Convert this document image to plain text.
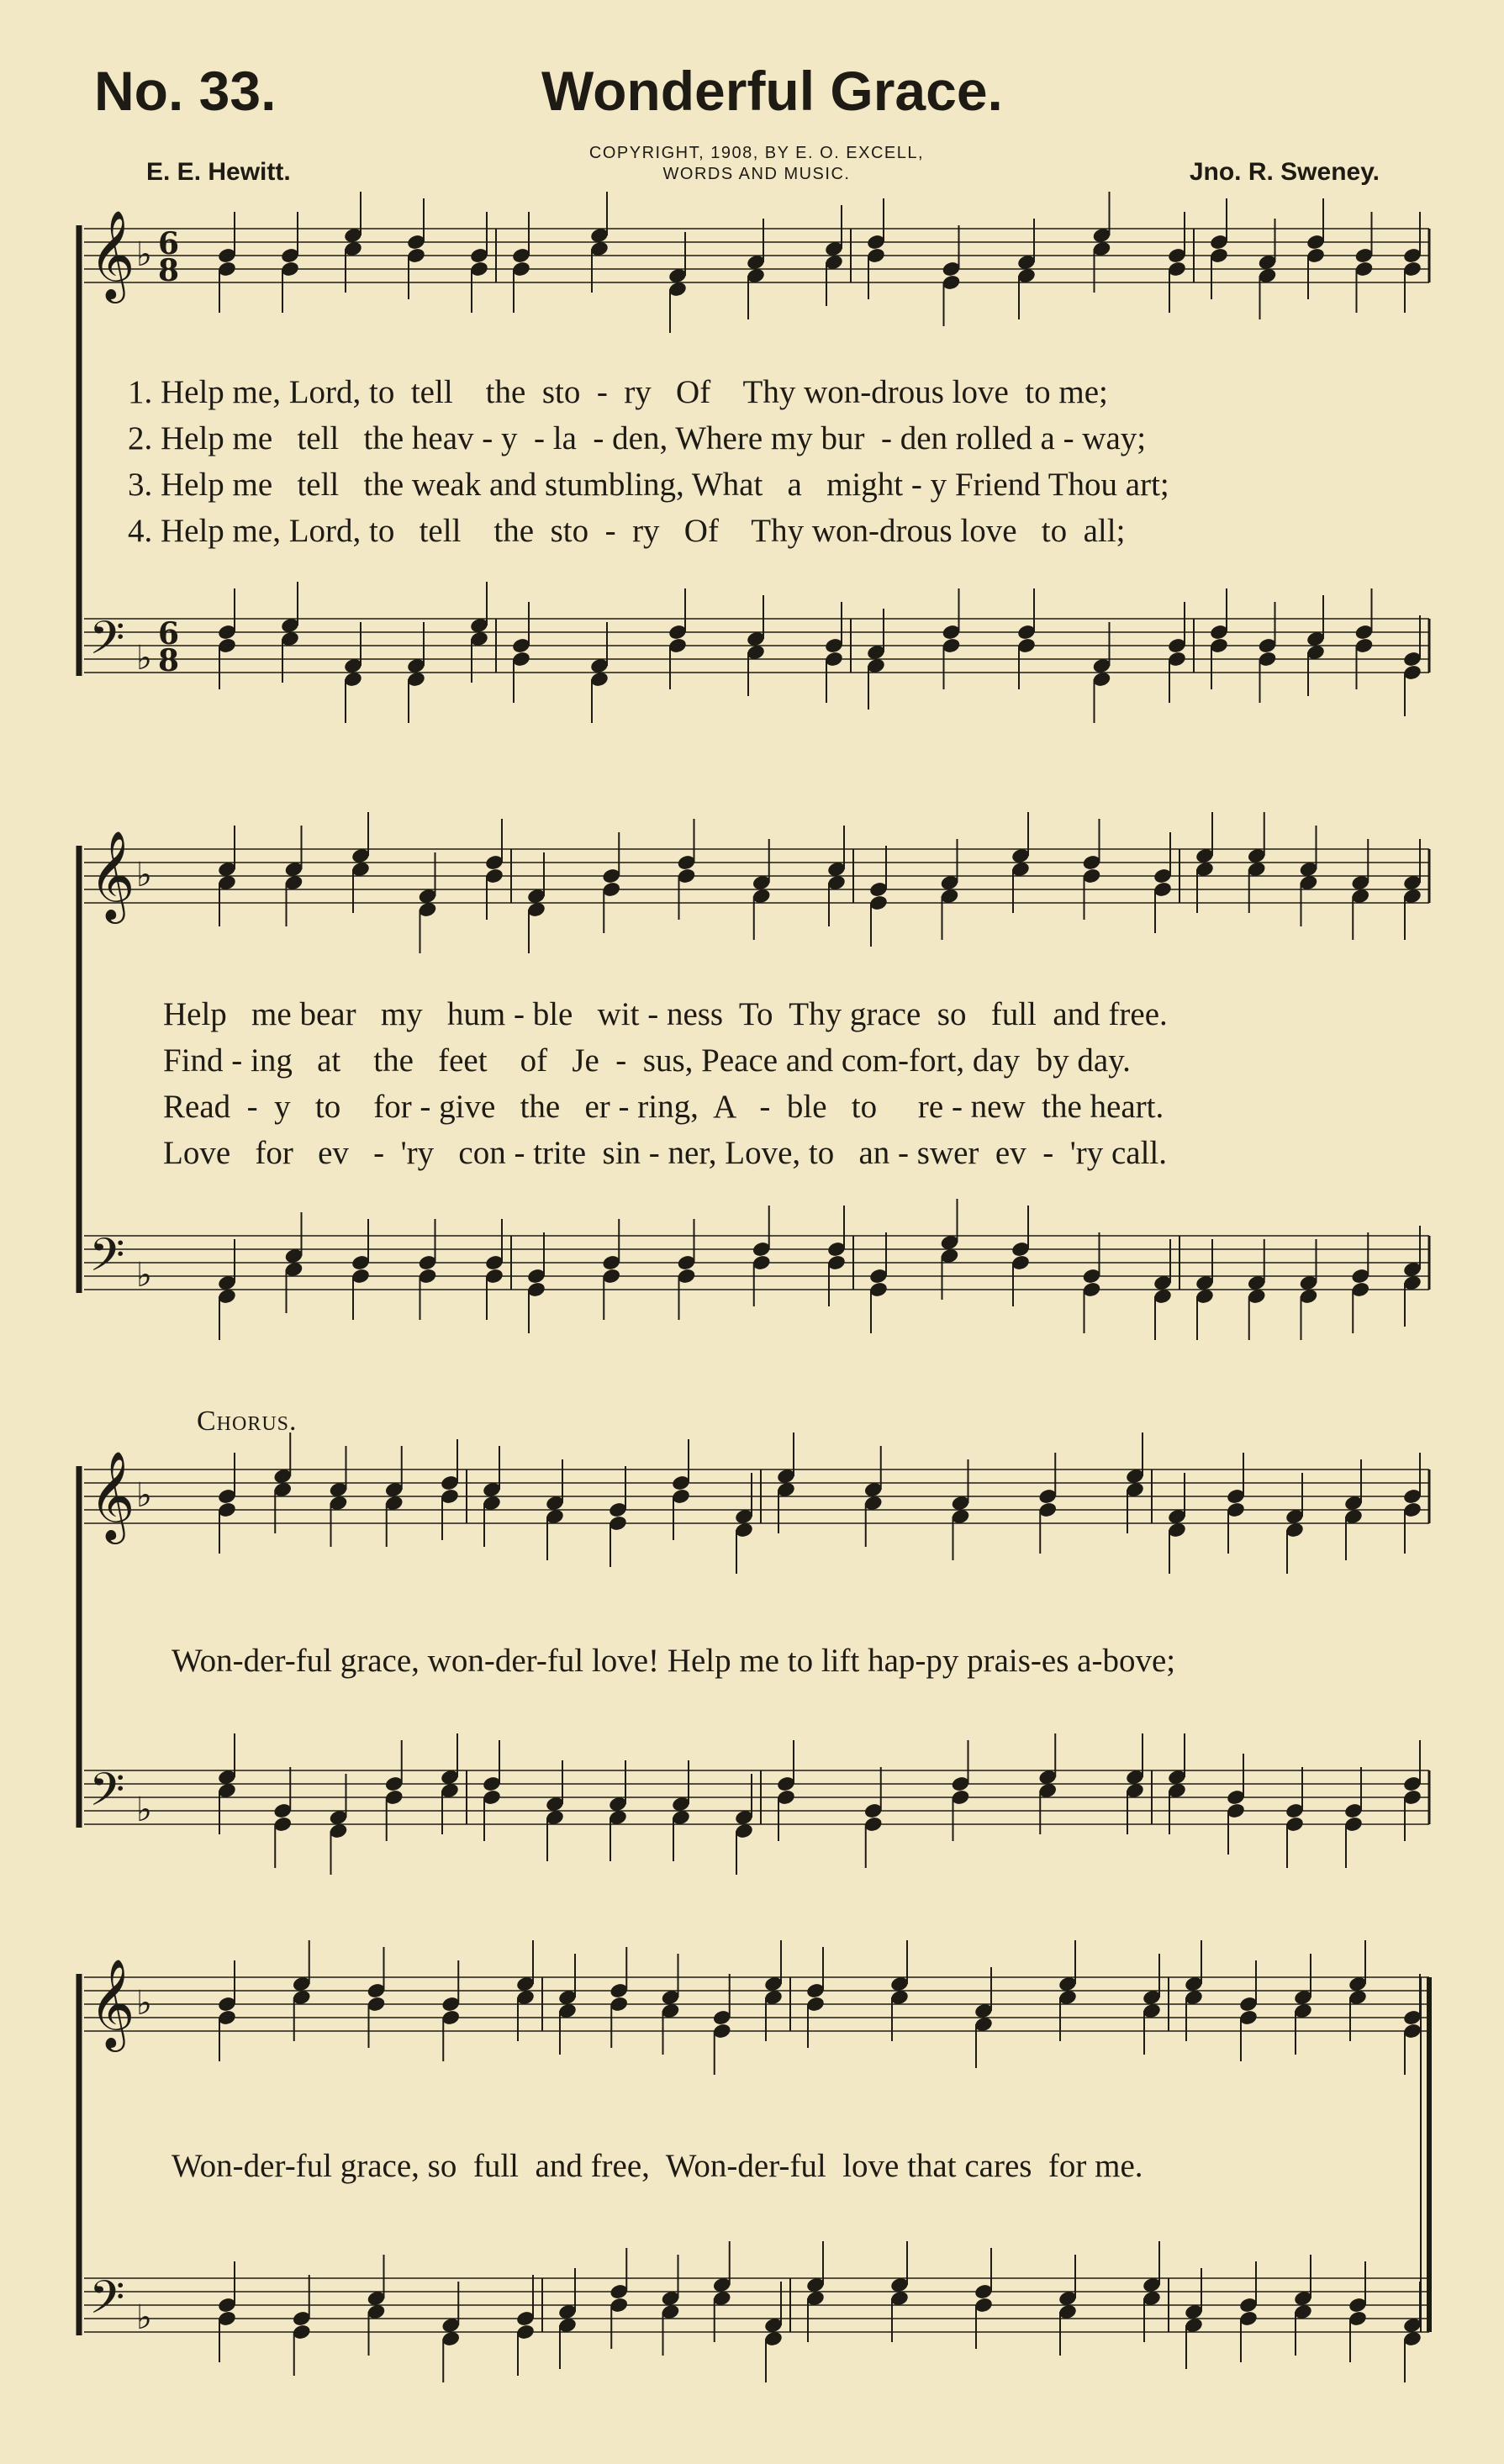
No. 33.	Wonderful Grace.
COPYRIGHT, 1908, BY E. O. EXCELL,
WORDS AND MUSIC.
E. E. Hewitt.	Jno. R. Sweney.
𝄞 ♭ 6
8
𝄢 ♭
6
8
𝄞 ♭
𝄢 ♭
𝄞 ♭
𝄢 ♭
𝄞 ♭
𝄢 ♭
1. Help me, Lord, to  tell    the  sto  -  ry   Of    Thy won-drous love  to me;
2. Help me   tell   the heav - y  - la  - den, Where my bur  - den rolled a - way;
3. Help me   tell   the weak and stumbling, What   a   might - y Friend Thou art;
4. Help me, Lord, to   tell    the  sto  -  ry   Of    Thy won-drous love   to  all;
Help   me bear   my   hum - ble   wit - ness  To  Thy grace  so   full  and free.
Find - ing   at    the   feet    of   Je  -  sus, Peace and com-fort, day  by day.
Read  -  y   to    for - give   the   er - ring,  A   -  ble   to     re - new  the heart.
Love   for   ev   -  'ry   con - trite  sin - ner, Love, to   an - swer  ev  -  'ry call.
Chorus.
Won-der-ful grace, won-der-ful love! Help me to lift hap-py prais-es a-bove;
Won-der-ful grace, so  full  and free,  Won-der-ful  love that cares  for me.
